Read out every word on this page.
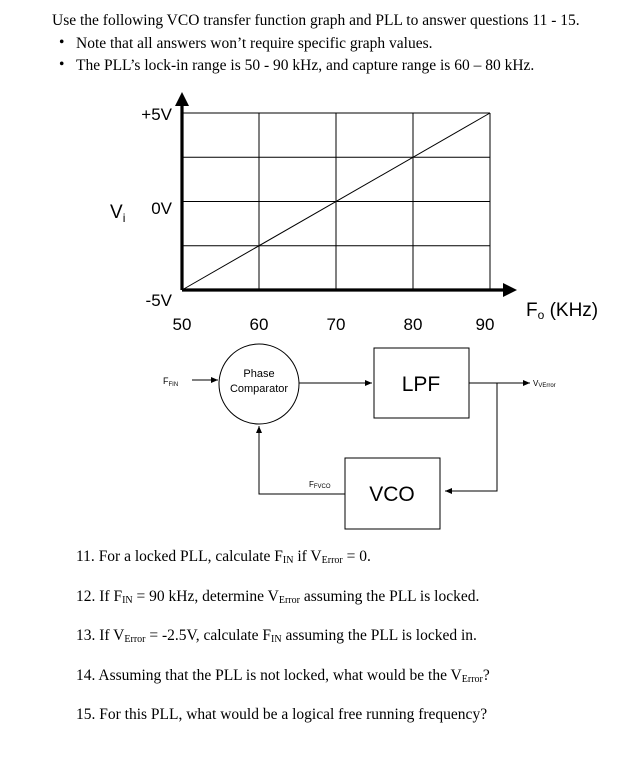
Use the following VCO transfer function graph and PLL to answer questions 11 - 15.
• Note that all answers won’t require specific graph values.
• The PLL’s lock-in range is 50 - 90 kHz, and capture range is 60 – 80 kHz.
50	60	70	80	90
+5V
0V
-5V
$V_i$
Fo (KHz)
$F_{FIN}$
Phase
Comparator	LPF	VVError
VCO
FFVCO
11. For a locked PLL, calculate $F_{IN}$ if $V_{Error} = 0$.
12. If $F_{IN} = 90$ kHz, determine $V_{Error}$ assuming the PLL is locked.
13. If $V_{Error} = -2.5V$, calculate $F_{IN}$ assuming the PLL is locked in.
14. Assuming that the PLL is not locked, what would be the $V_{Error}$?
15. For this PLL, what would be a logical free running frequency?
